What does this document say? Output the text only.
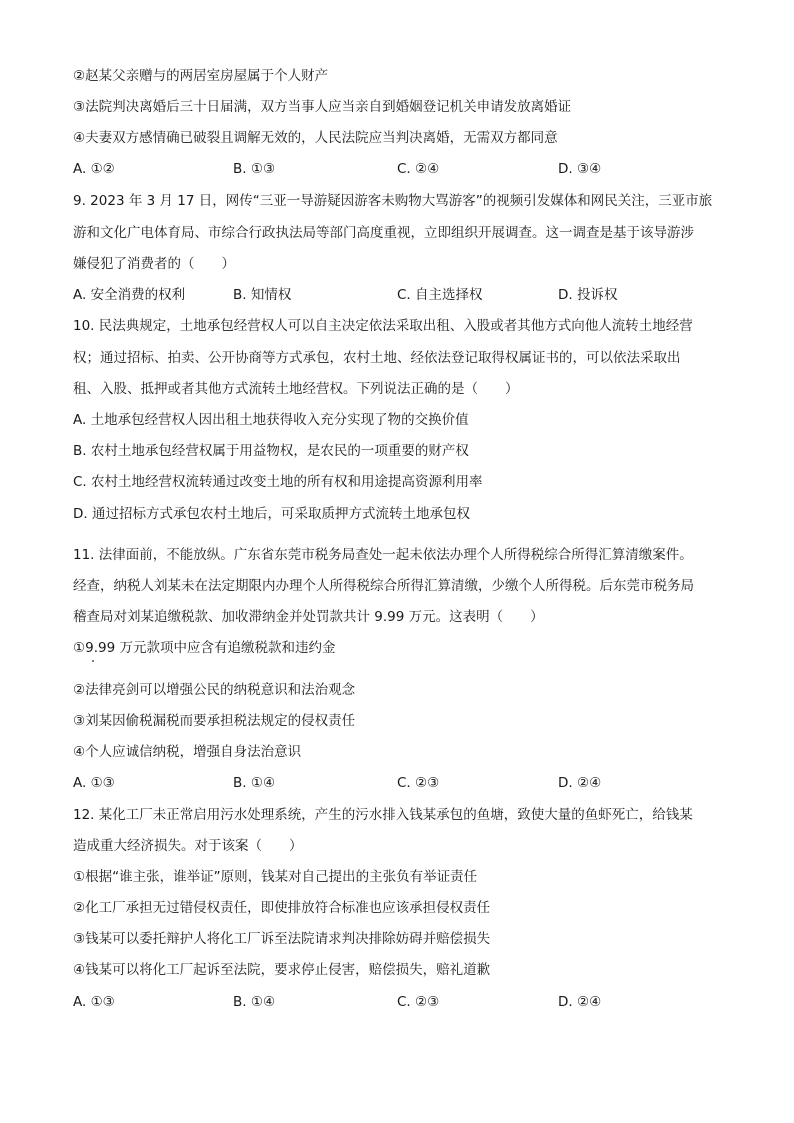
②赵某父亲赠与的两居室房屋属于个人财产
③法院判决离婚后三十日届满，双方当事人应当亲自到婚姻登记机关申请发放离婚证
④夫妻双方感情确已破裂且调解无效的，人民法院应当判决离婚，无需双方都同意
A. ①②	B. ①③	C. ②④	D. ③④
9. 2023 年 3 月 17 日，网传“三亚一导游疑因游客未购物大骂游客”的视频引发媒体和网民关注，三亚市旅
游和文化广电体育局、市综合行政执法局等部门高度重视，立即组织开展调查。这一调查是基于该导游涉
嫌侵犯了消费者的（　　）
A. 安全消费的权利	B. 知情权	C. 自主选择权	D. 投诉权
10. 民法典规定，土地承包经营权人可以自主决定依法采取出租、入股或者其他方式向他人流转土地经营
权；通过招标、拍卖、公开协商等方式承包，农村土地、经依法登记取得权属证书的，可以依法采取出
租、入股、抵押或者其他方式流转土地经营权。下列说法正确的是（　　）
A. 土地承包经营权人因出租土地获得收入充分实现了物的交换价值
B. 农村土地承包经营权属于用益物权，是农民的一项重要的财产权
C. 农村土地经营权流转通过改变土地的所有权和用途提高资源利用率
D. 通过招标方式承包农村土地后，可采取质押方式流转土地承包权
11. 法律面前，不能放纵。广东省东莞市税务局查处一起未依法办理个人所得税综合所得汇算清缴案件。
经查，纳税人刘某未在法定期限内办理个人所得税综合所得汇算清缴，少缴个人所得税。后东莞市税务局
稽查局对刘某追缴税款、加收滞纳金并处罚款共计 9.99 万元。这表明（　　）
①9.99 万元款项中应含有追缴税款和违约金
②法律亮剑可以增强公民的纳税意识和法治观念
③刘某因偷税漏税而要承担税法规定的侵权责任
④个人应诚信纳税，增强自身法治意识
A. ①③	B. ①④	C. ②③	D. ②④
12. 某化工厂未正常启用污水处理系统，产生的污水排入钱某承包的鱼塘，致使大量的鱼虾死亡，给钱某
造成重大经济损失。对于该案（　　）
①根据“谁主张，谁举证”原则，钱某对自己提出的主张负有举证责任
②化工厂承担无过错侵权责任，即使排放符合标准也应该承担侵权责任
③钱某可以委托辩护人将化工厂诉至法院请求判决排除妨碍并赔偿损失
④钱某可以将化工厂起诉至法院，要求停止侵害，赔偿损失，赔礼道歉
A. ①③	B. ①④	C. ②③	D. ②④
